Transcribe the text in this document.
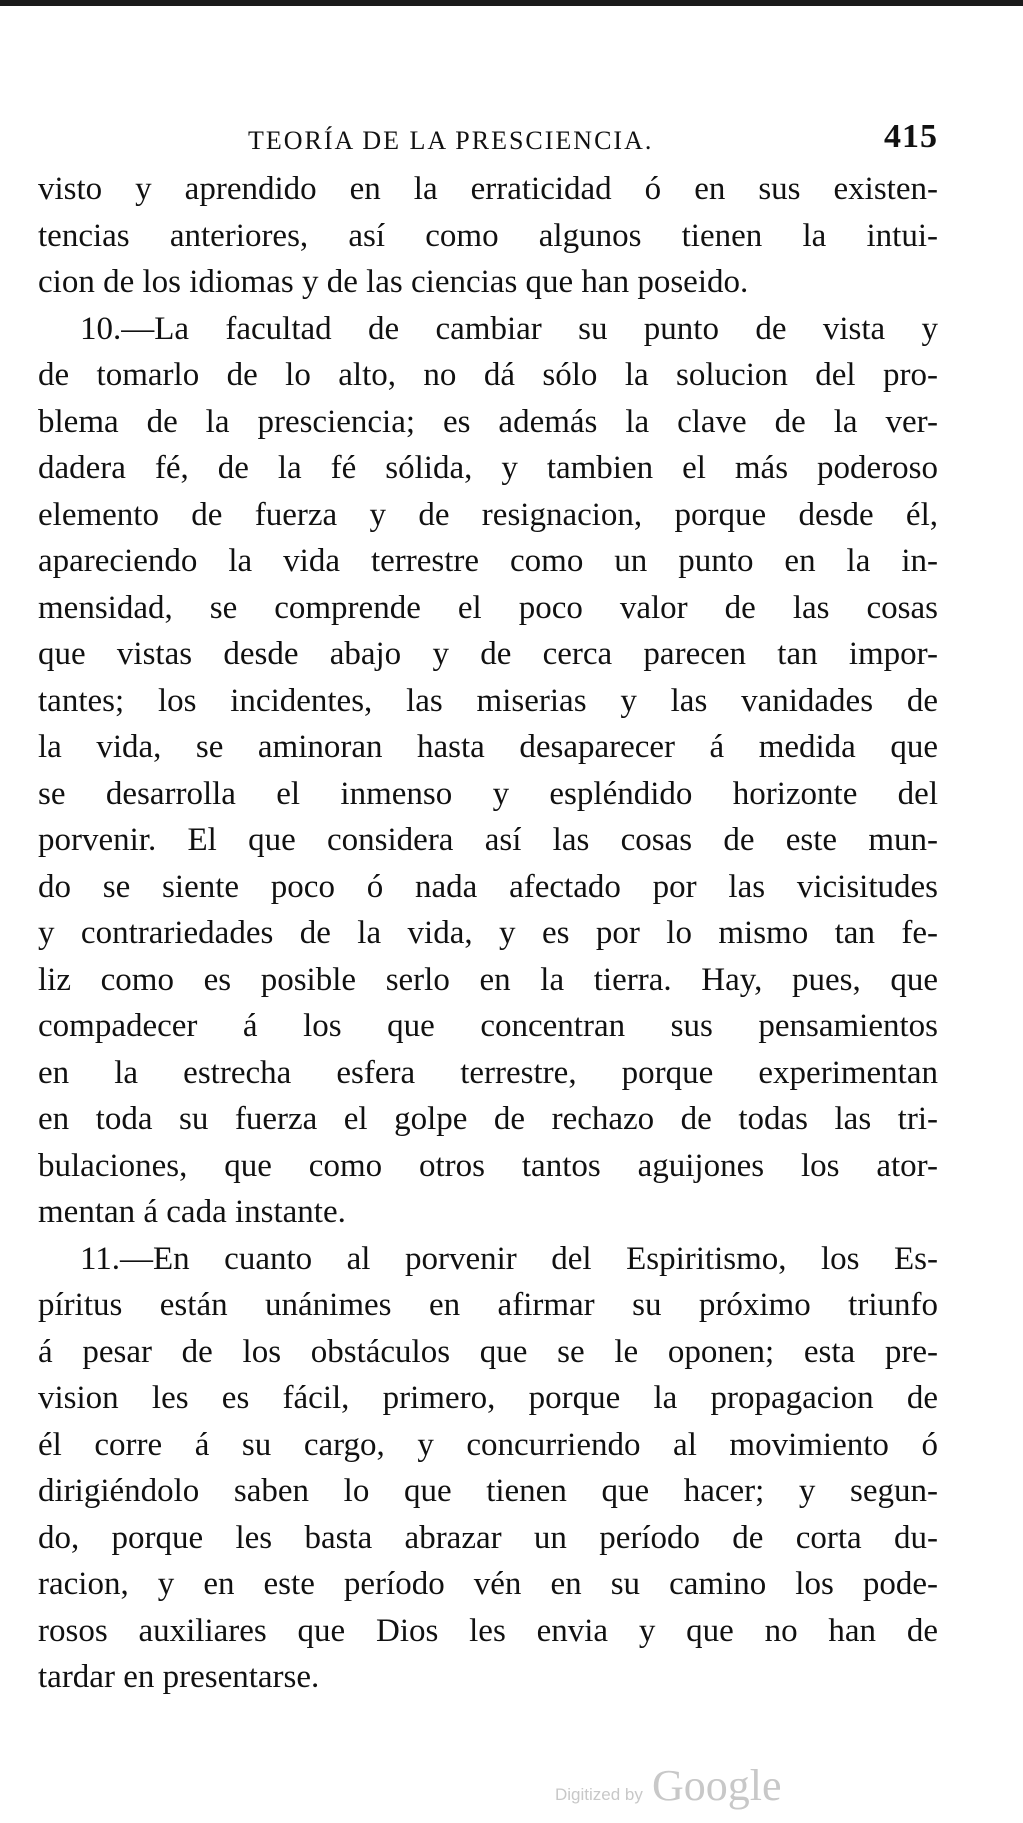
TEORÍA DE LA PRESCIENCIA.	415
visto y aprendido en la erraticidad ó en sus existen-
tencias anteriores, así como algunos tienen la intui-
cion de los idiomas y de las ciencias que han poseido.
10.—La facultad de cambiar su punto de vista y
de tomarlo de lo alto, no dá sólo la solucion del pro-
blema de la presciencia; es además la clave de la ver-
dadera fé, de la fé sólida, y tambien el más poderoso
elemento de fuerza y de resignacion, porque desde él,
apareciendo la vida terrestre como un punto en la in-
mensidad, se comprende el poco valor de las cosas
que vistas desde abajo y de cerca parecen tan impor-
tantes; los incidentes, las miserias y las vanidades de
la vida, se aminoran hasta desaparecer á medida que
se desarrolla el inmenso y espléndido horizonte del
porvenir. El que considera así las cosas de este mun-
do se siente poco ó nada afectado por las vicisitudes
y contrariedades de la vida, y es por lo mismo tan fe-
liz como es posible serlo en la tierra. Hay, pues, que
compadecer á los que concentran sus pensamientos
en la estrecha esfera terrestre, porque experimentan
en toda su fuerza el golpe de rechazo de todas las tri-
bulaciones, que como otros tantos aguijones los ator-
mentan á cada instante.
11.—En cuanto al porvenir del Espiritismo, los Es-
píritus están unánimes en afirmar su próximo triunfo
á pesar de los obstáculos que se le oponen; esta pre-
vision les es fácil, primero, porque la propagacion de
él corre á su cargo, y concurriendo al movimiento ó
dirigiéndolo saben lo que tienen que hacer; y segun-
do, porque les basta abrazar un período de corta du-
racion, y en este período vén en su camino los pode-
rosos auxiliares que Dios les envia y que no han de
tardar en presentarse.
Digitized by Google
